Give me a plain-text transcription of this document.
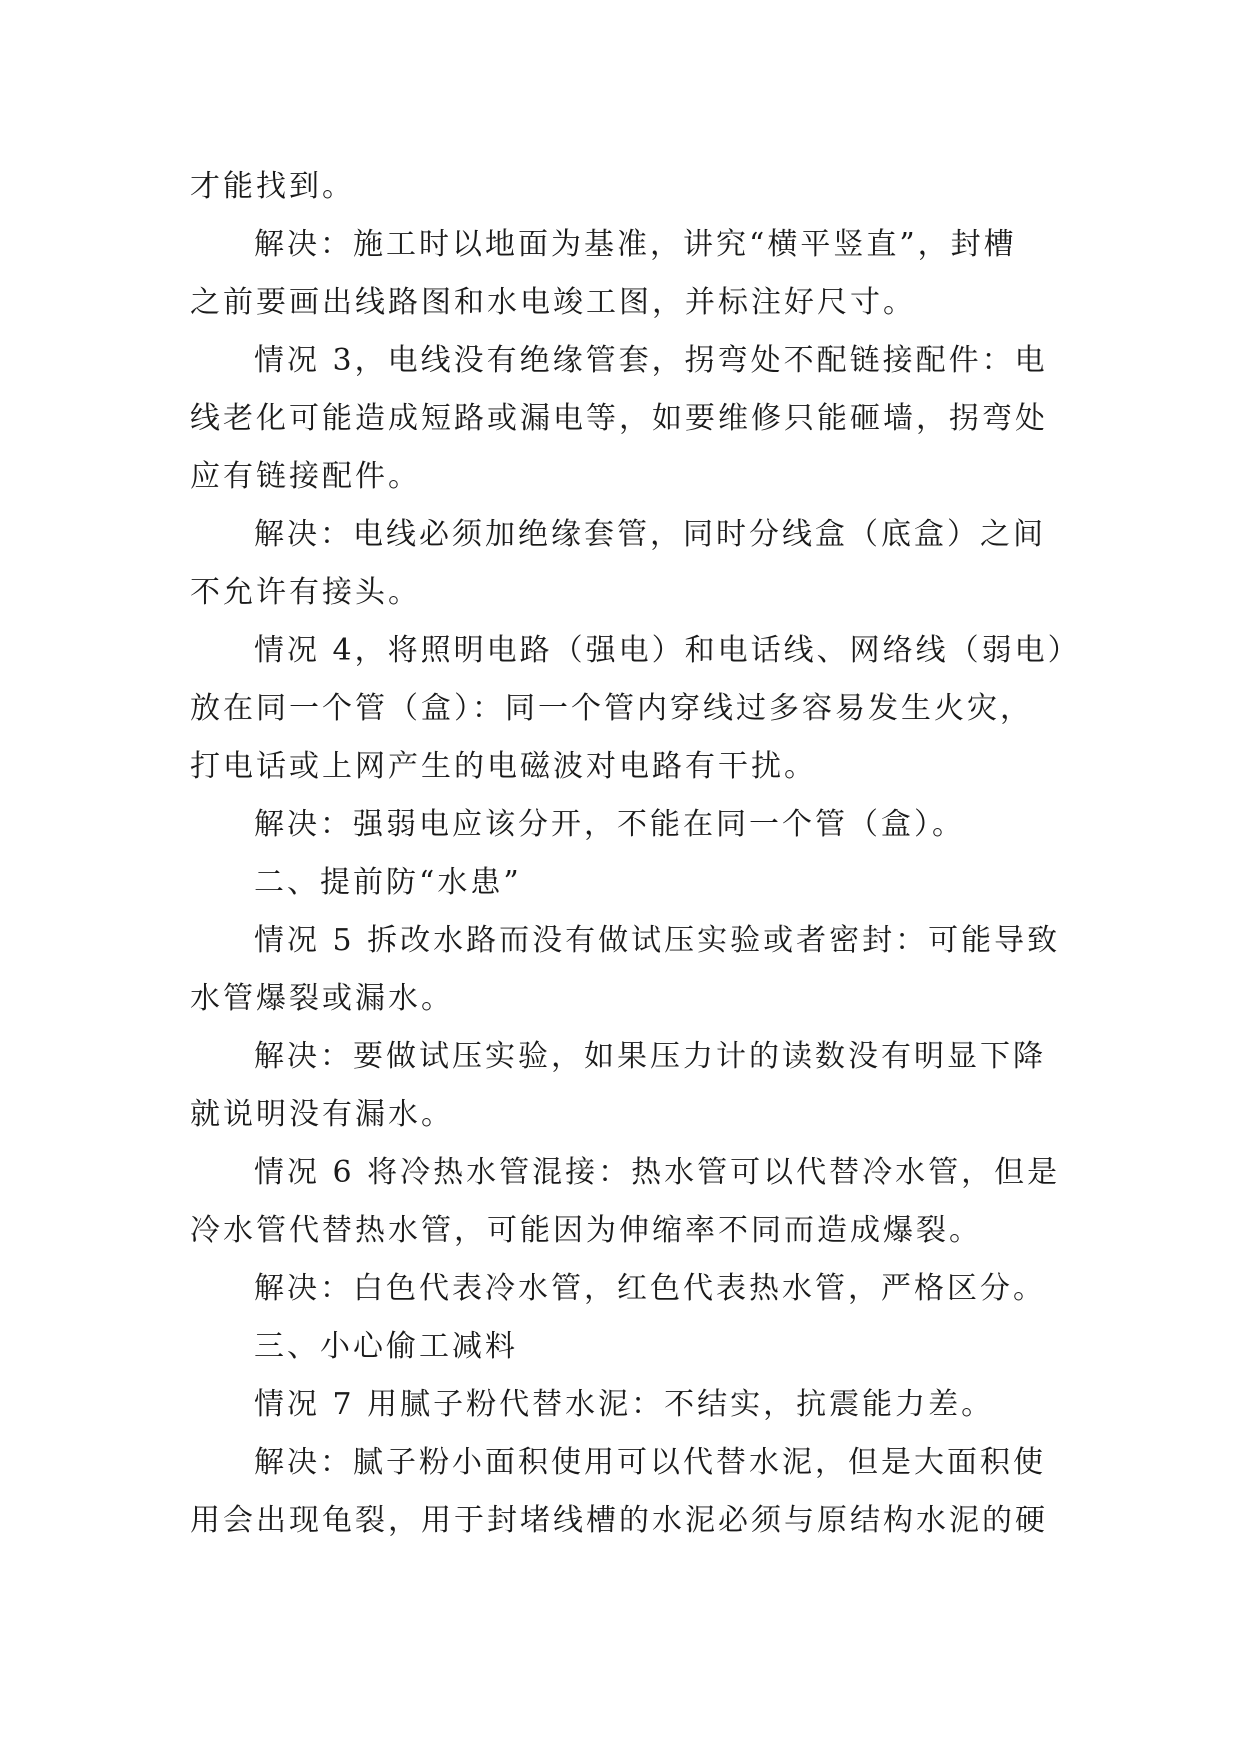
才能找到。
解决：施工时以地面为基准，讲究“横平竖直”，封槽
之前要画出线路图和水电竣工图，并标注好尺寸。
情况 3，电线没有绝缘管套，拐弯处不配链接配件：电
线老化可能造成短路或漏电等，如要维修只能砸墙，拐弯处
应有链接配件。
解决：电线必须加绝缘套管，同时分线盒（底盒）之间
不允许有接头。
情况 4，将照明电路（强电）和电话线、网络线（弱电）
放在同一个管（盒）：同一个管内穿线过多容易发生火灾，
打电话或上网产生的电磁波对电路有干扰。
解决：强弱电应该分开，不能在同一个管（盒）。
二、提前防“水患”
情况 5 拆改水路而没有做试压实验或者密封：可能导致
水管爆裂或漏水。
解决：要做试压实验，如果压力计的读数没有明显下降
就说明没有漏水。
情况 6 将冷热水管混接：热水管可以代替冷水管，但是
冷水管代替热水管，可能因为伸缩率不同而造成爆裂。
解决：白色代表冷水管，红色代表热水管，严格区分。
三、小心偷工减料
情况 7 用腻子粉代替水泥：不结实，抗震能力差。
解决：腻子粉小面积使用可以代替水泥，但是大面积使
用会出现龟裂，用于封堵线槽的水泥必须与原结构水泥的硬
